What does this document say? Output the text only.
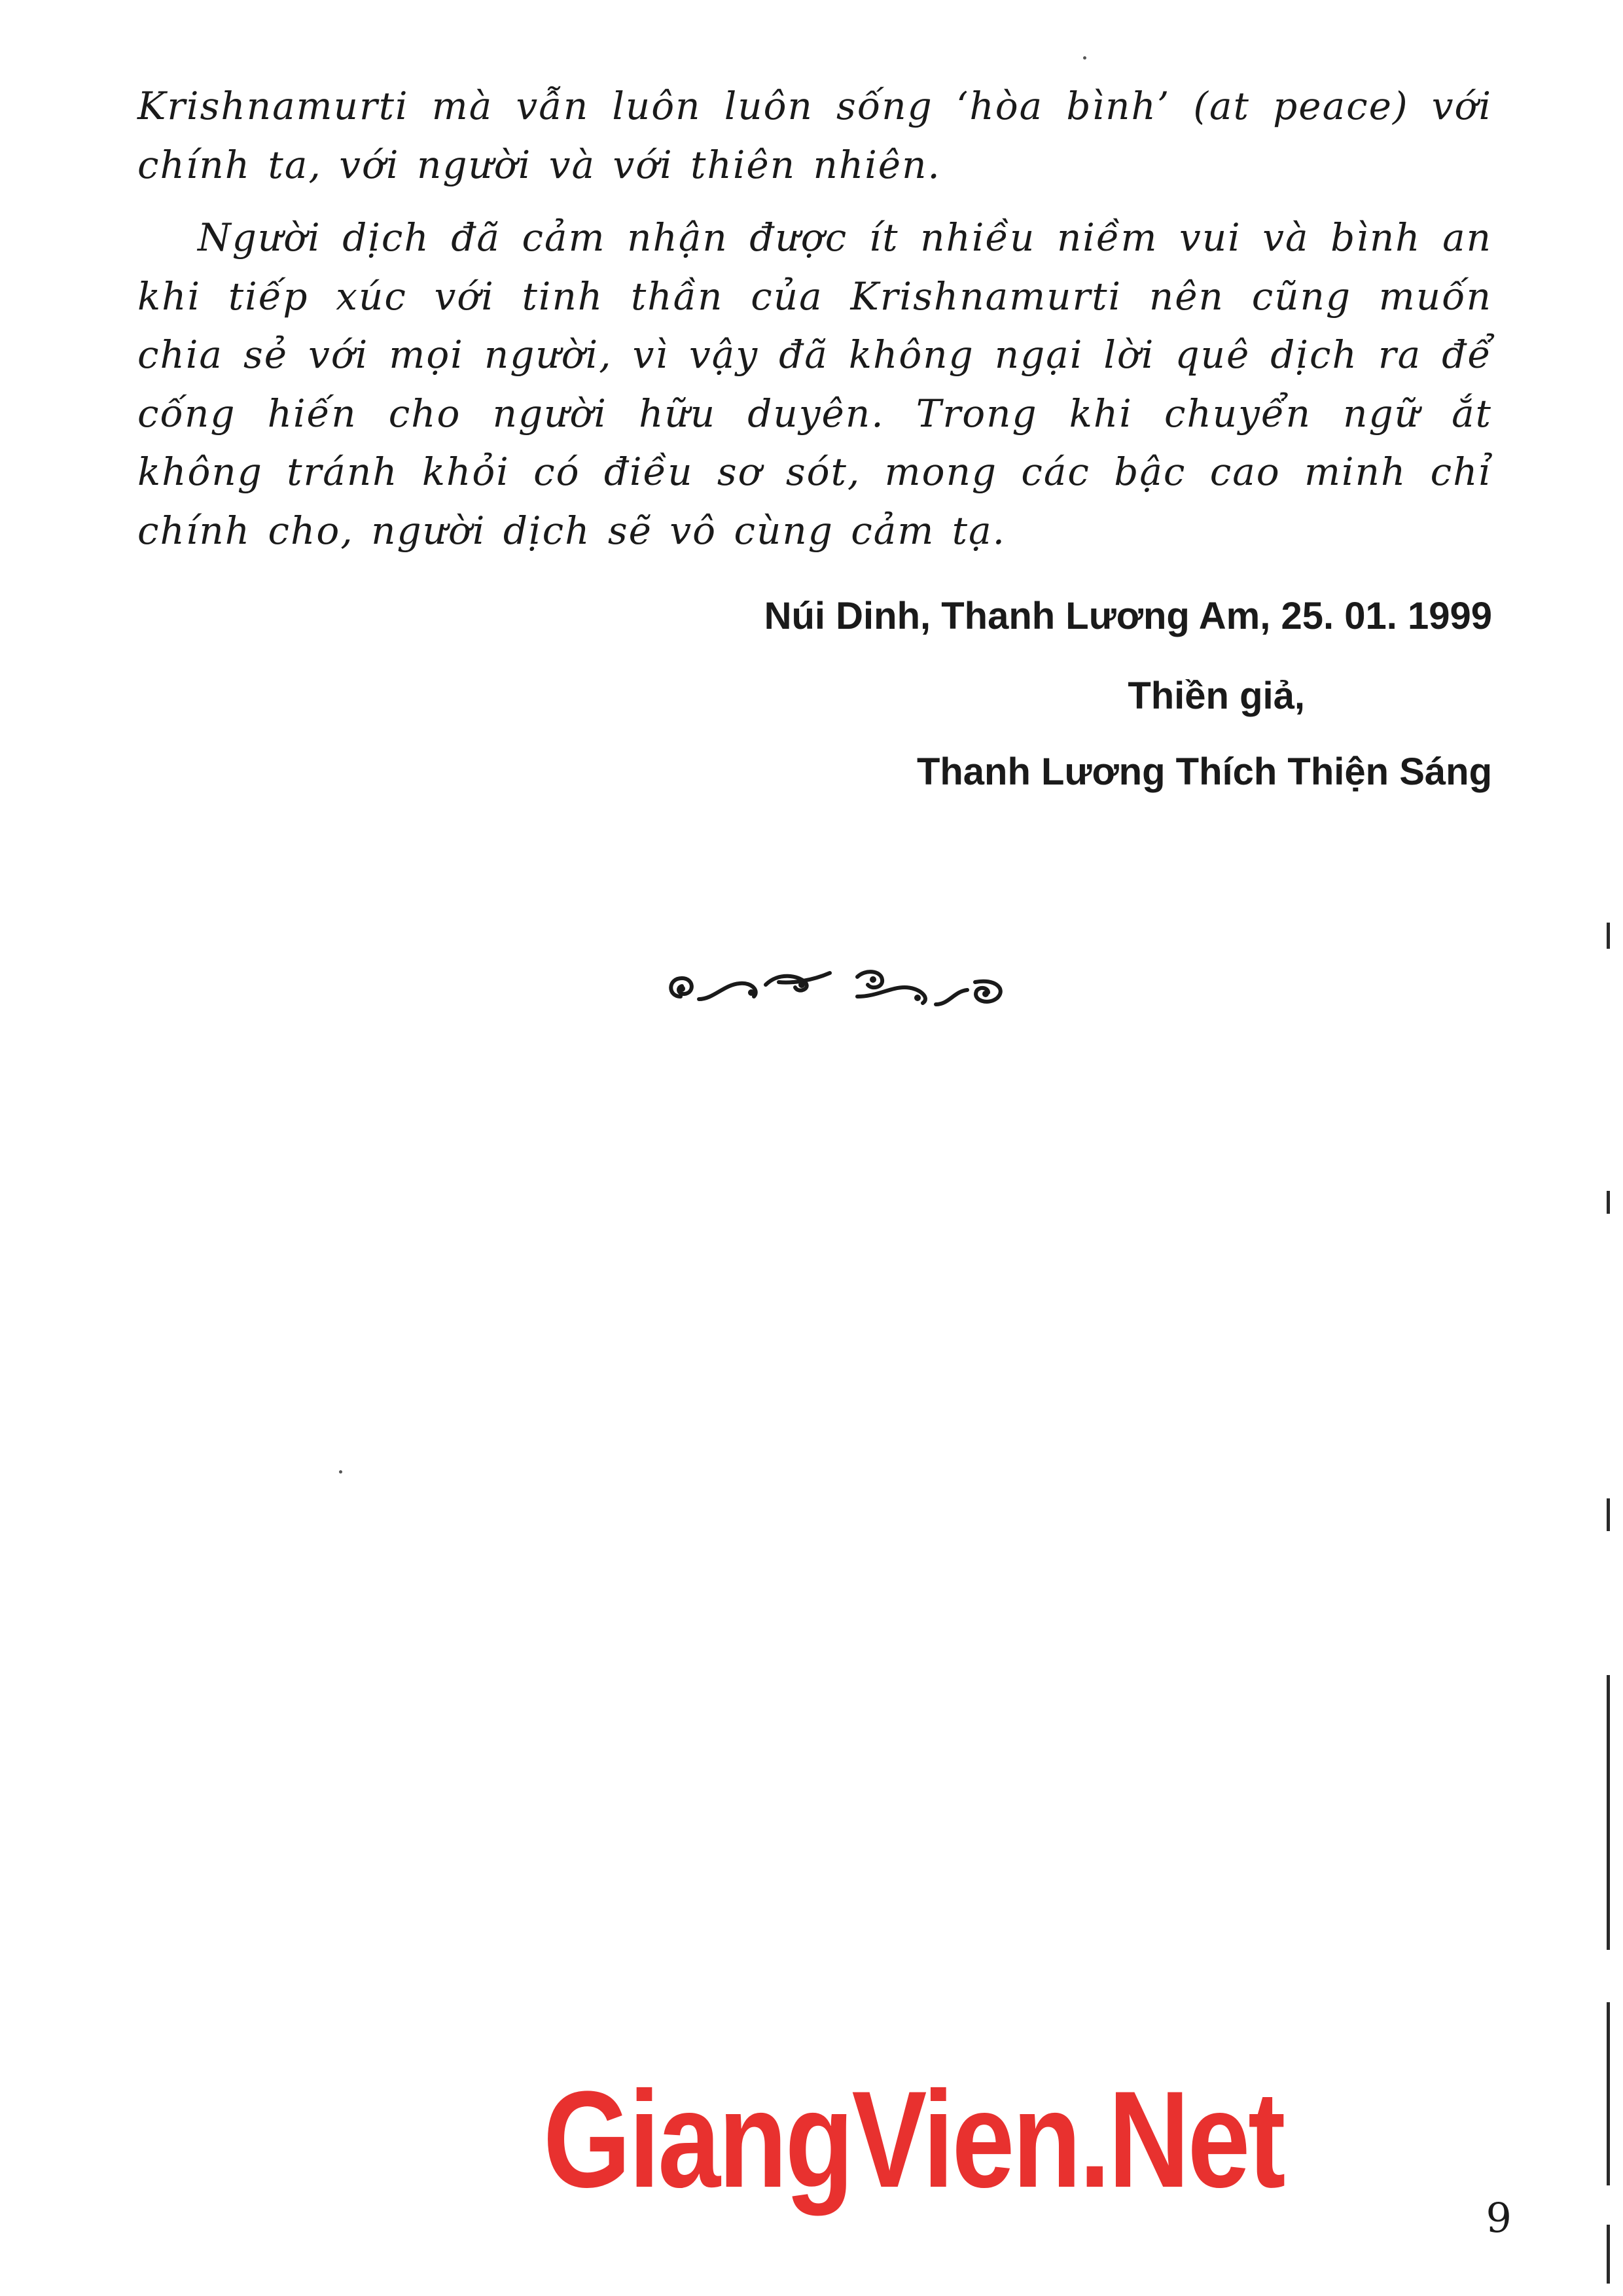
Krishnamurti mà vẫn luôn luôn sống ‘hòa bình’ (at peace) với chính ta, với người và với thiên nhiên.

Người dịch đã cảm nhận được ít nhiều niềm vui và bình an khi tiếp xúc với tinh thần của Krishnamurti nên cũng muốn chia sẻ với mọi người, vì vậy đã không ngại lời quê dịch ra để cống hiến cho người hữu duyên. Trong khi chuyển ngữ ắt không tránh khỏi có điều sơ sót, mong các bậc cao minh chỉ chính cho, người dịch sẽ vô cùng cảm tạ.

Núi Dinh, Thanh Lương Am, 25. 01. 1999
Thiền giả,
Thanh Lương Thích Thiện Sáng
GiangVien.Net
9
